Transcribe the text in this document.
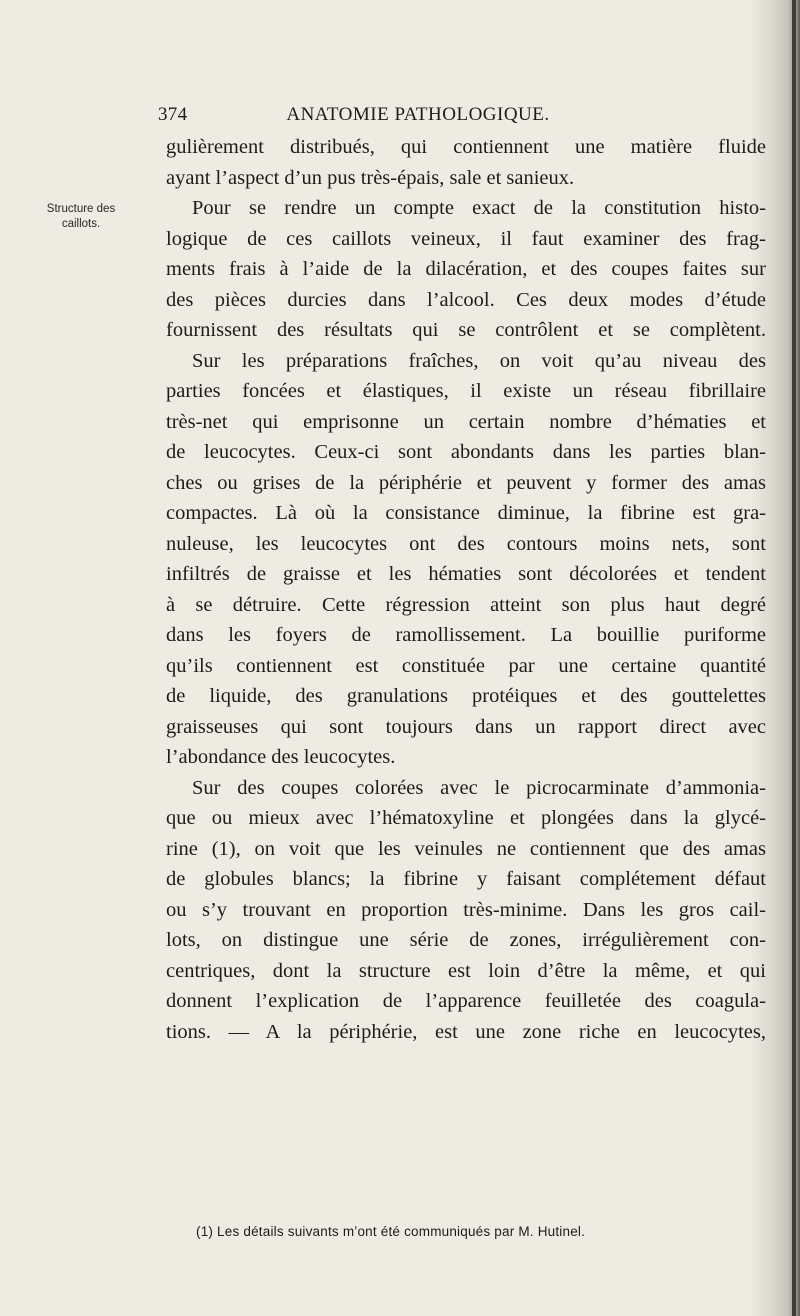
374	ANATOMIE PATHOLOGIQUE.
Structure des
caillots.
gulièrement distribués, qui contiennent une matière fluide
ayant l’aspect d’un pus très-épais, sale et sanieux.
Pour se rendre un compte exact de la constitution histo-
logique de ces caillots veineux, il faut examiner des frag-
ments frais à l’aide de la dilacération, et des coupes faites sur
des pièces durcies dans l’alcool. Ces deux modes d’étude
fournissent des résultats qui se contrôlent et se complètent.
Sur les préparations fraîches, on voit qu’au niveau des
parties foncées et élastiques, il existe un réseau fibrillaire
très-net qui emprisonne un certain nombre d’hématies et
de leucocytes. Ceux-ci sont abondants dans les parties blan-
ches ou grises de la périphérie et peuvent y former des amas
compactes. Là où la consistance diminue, la fibrine est gra-
nuleuse, les leucocytes ont des contours moins nets, sont
infiltrés de graisse et les hématies sont décolorées et tendent
à se détruire. Cette régression atteint son plus haut degré
dans les foyers de ramollissement. La bouillie puriforme
qu’ils contiennent est constituée par une certaine quantité
de liquide, des granulations protéiques et des gouttelettes
graisseuses qui sont toujours dans un rapport direct avec
l’abondance des leucocytes.
Sur des coupes colorées avec le picrocarminate d’ammonia-
que ou mieux avec l’hématoxyline et plongées dans la glycé-
rine (1), on voit que les veinules ne contiennent que des amas
de globules blancs; la fibrine y faisant complétement défaut
ou s’y trouvant en proportion très-minime. Dans les gros cail-
lots, on distingue une série de zones, irrégulièrement con-
centriques, dont la structure est loin d’être la même, et qui
donnent l’explication de l’apparence feuilletée des coagula-
tions. — A la périphérie, est une zone riche en leucocytes,
(1) Les détails suivants m’ont été communiqués par M. Hutinel.
